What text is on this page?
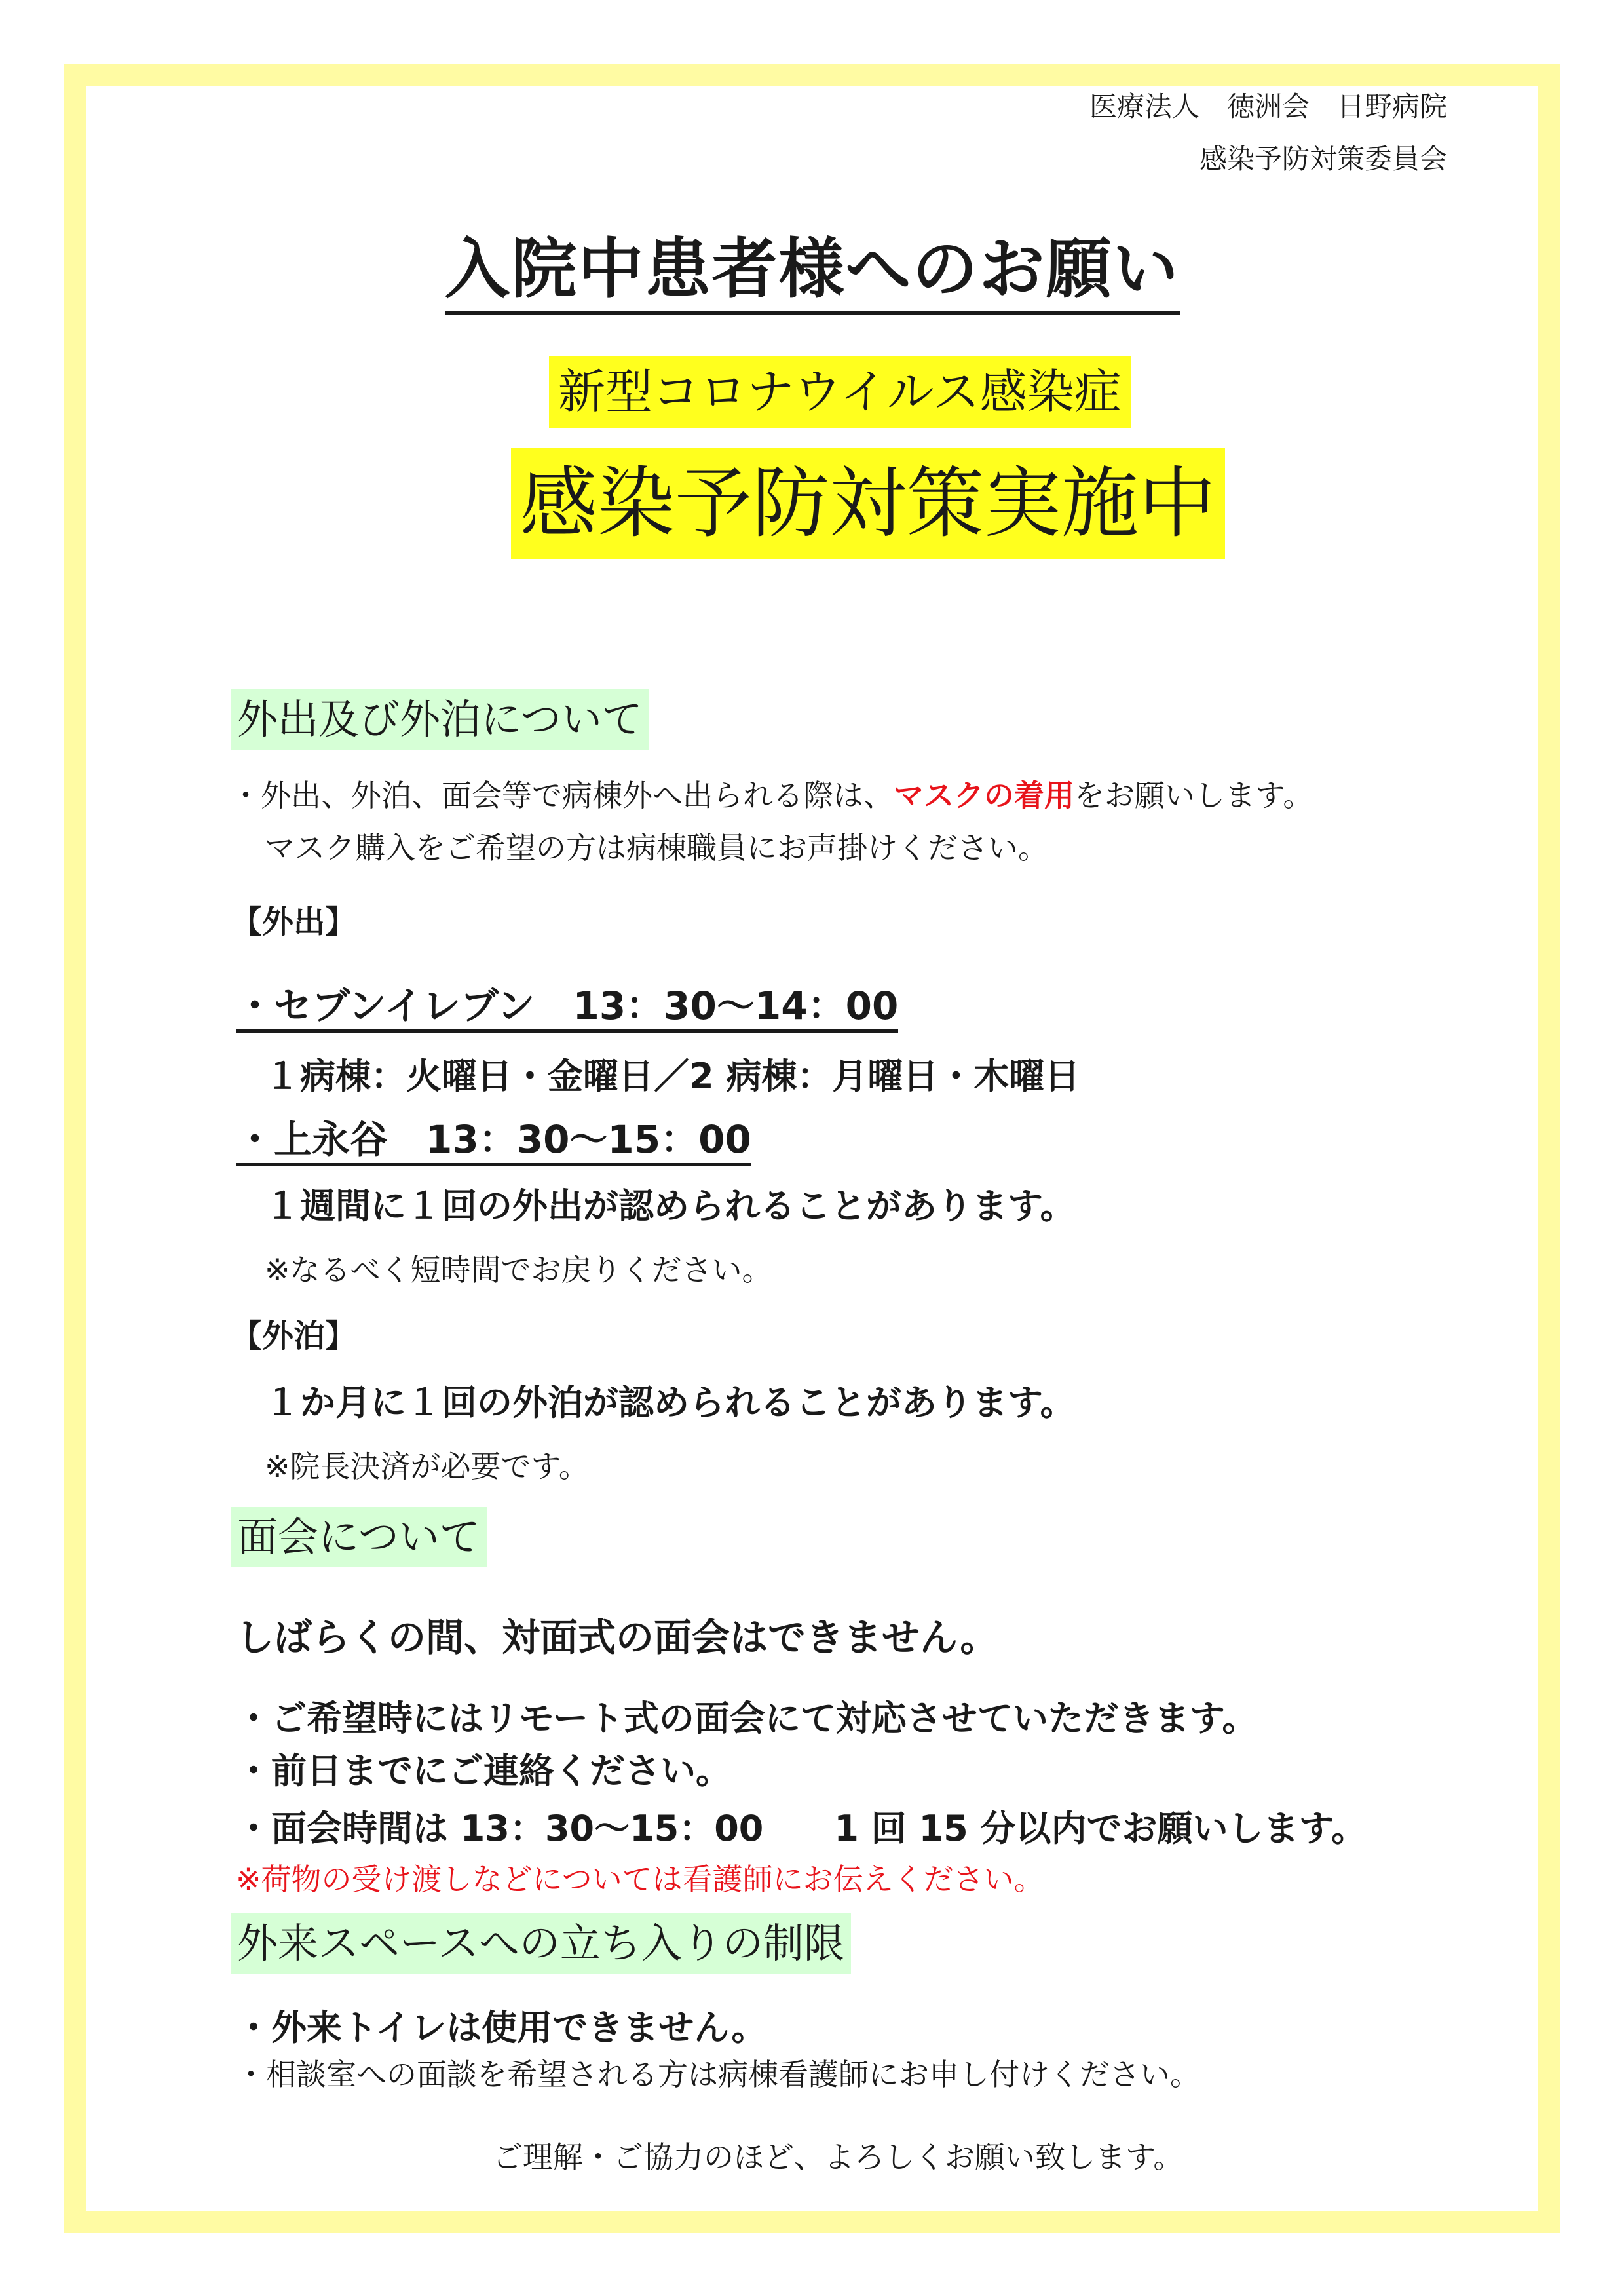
医療法人　徳洲会　日野病院
感染予防対策委員会
入院中患者様へのお願い
新型コロナウイルス感染症
感染予防対策実施中
外出及び外泊について
・外出、外泊、面会等で病棟外へ出られる際は、マスクの着用をお願いします。
マスク購入をご希望の方は病棟職員にお声掛けください。
【外出】
・セブンイレブン　13：30～14：00
１病棟：火曜日・金曜日／2 病棟：月曜日・木曜日
・上永谷　13：30～15：00
１週間に１回の外出が認められることがあります。
※なるべく短時間でお戻りください。
【外泊】
１か月に１回の外泊が認められることがあります。
※院長決済が必要です。
面会について
しばらくの間、対面式の面会はできません。
・ご希望時にはリモート式の面会にて対応させていただきます。
・前日までにご連絡ください。
・面会時間は 13：30～15：00　　1 回 15 分以内でお願いします。
※荷物の受け渡しなどについては看護師にお伝えください。
外来スペースへの立ち入りの制限
・外来トイレは使用できません。
・相談室への面談を希望される方は病棟看護師にお申し付けください。
ご理解・ご協力のほど、よろしくお願い致します。
